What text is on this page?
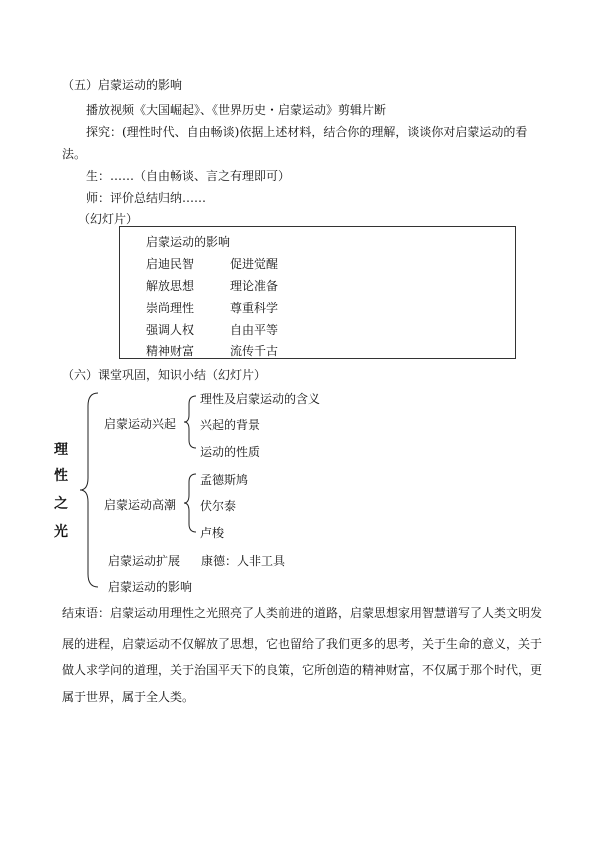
（五）启蒙运动的影响
播放视频《大国崛起》、《世界历史・启蒙运动》剪辑片断
探究：(理性时代、自由畅谈)依据上述材料，结合你的理解，谈谈你对启蒙运动的看
法。
生：……（自由畅谈、言之有理即可）
师：评价总结归纳……
（幻灯片）
启蒙运动的影响
启迪民智	促进觉醒
解放思想	理论准备
崇尚理性	尊重科学
强调人权	自由平等
精神财富	流传千古
（六）课堂巩固，知识小结（幻灯片）
理
性
之
光
启蒙运动兴起
理性及启蒙运动的含义
兴起的背景
运动的性质
启蒙运动高潮
孟德斯鸠
伏尔泰
卢梭
启蒙运动扩展 康德：人非工具
启蒙运动的影响
结束语：启蒙运动用理性之光照亮了人类前进的道路，启蒙思想家用智慧谱写了人类文明发
展的进程，启蒙运动不仅解放了思想，它也留给了我们更多的思考，关于生命的意义，关于
做人求学问的道理，关于治国平天下的良策，它所创造的精神财富，不仅属于那个时代，更
属于世界，属于全人类。
